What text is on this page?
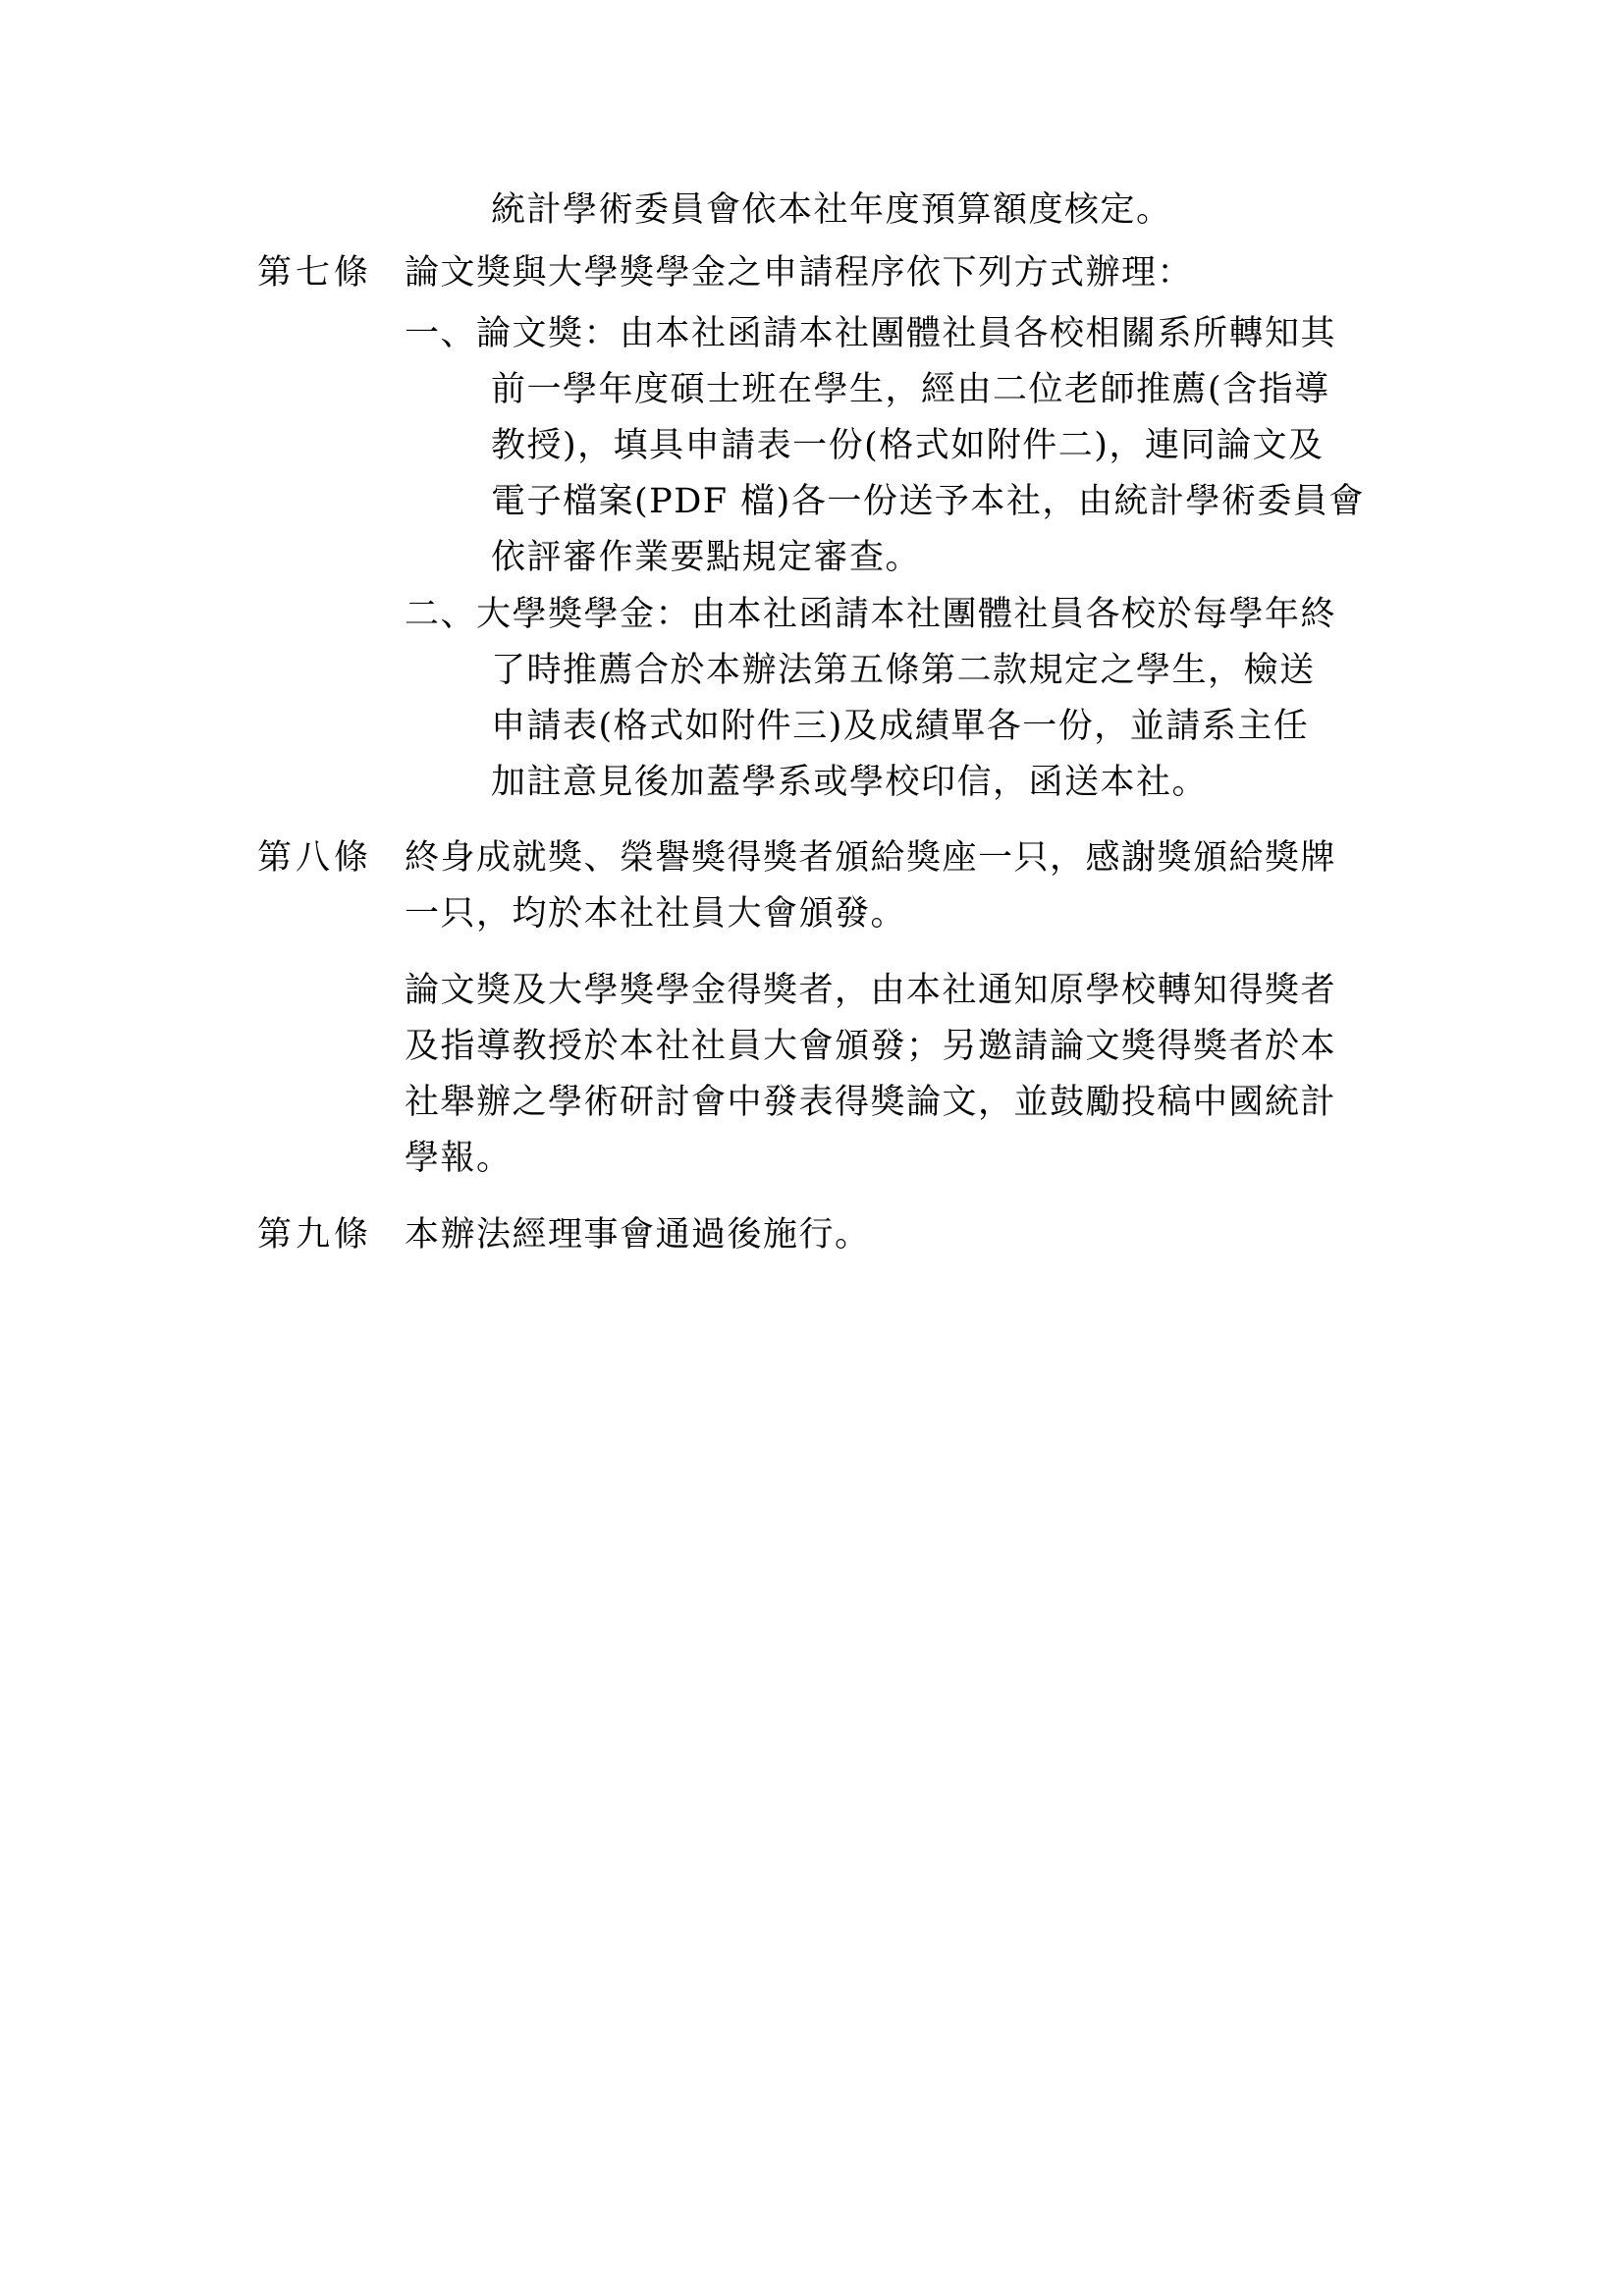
統計學術委員會依本社年度預算額度核定。
第七條 論文獎與大學獎學金之申請程序依下列方式辦理：
一、論文獎：由本社函請本社團體社員各校相關系所轉知其
前一學年度碩士班在學生，經由二位老師推薦(含指導
教授)，填具申請表一份(格式如附件二)，連同論文及
電子檔案(PDF 檔)各一份送予本社，由統計學術委員會
依評審作業要點規定審查。
二、大學獎學金：由本社函請本社團體社員各校於每學年終
了時推薦合於本辦法第五條第二款規定之學生，檢送
申請表(格式如附件三)及成績單各一份，並請系主任
加註意見後加蓋學系或學校印信，函送本社。
第八條 終身成就獎、榮譽獎得獎者頒給獎座一只，感謝獎頒給獎牌
一只，均於本社社員大會頒發。
論文獎及大學獎學金得獎者，由本社通知原學校轉知得獎者
及指導教授於本社社員大會頒發；另邀請論文獎得獎者於本
社舉辦之學術研討會中發表得獎論文，並鼓勵投稿中國統計
學報。
第九條 本辦法經理事會通過後施行。
